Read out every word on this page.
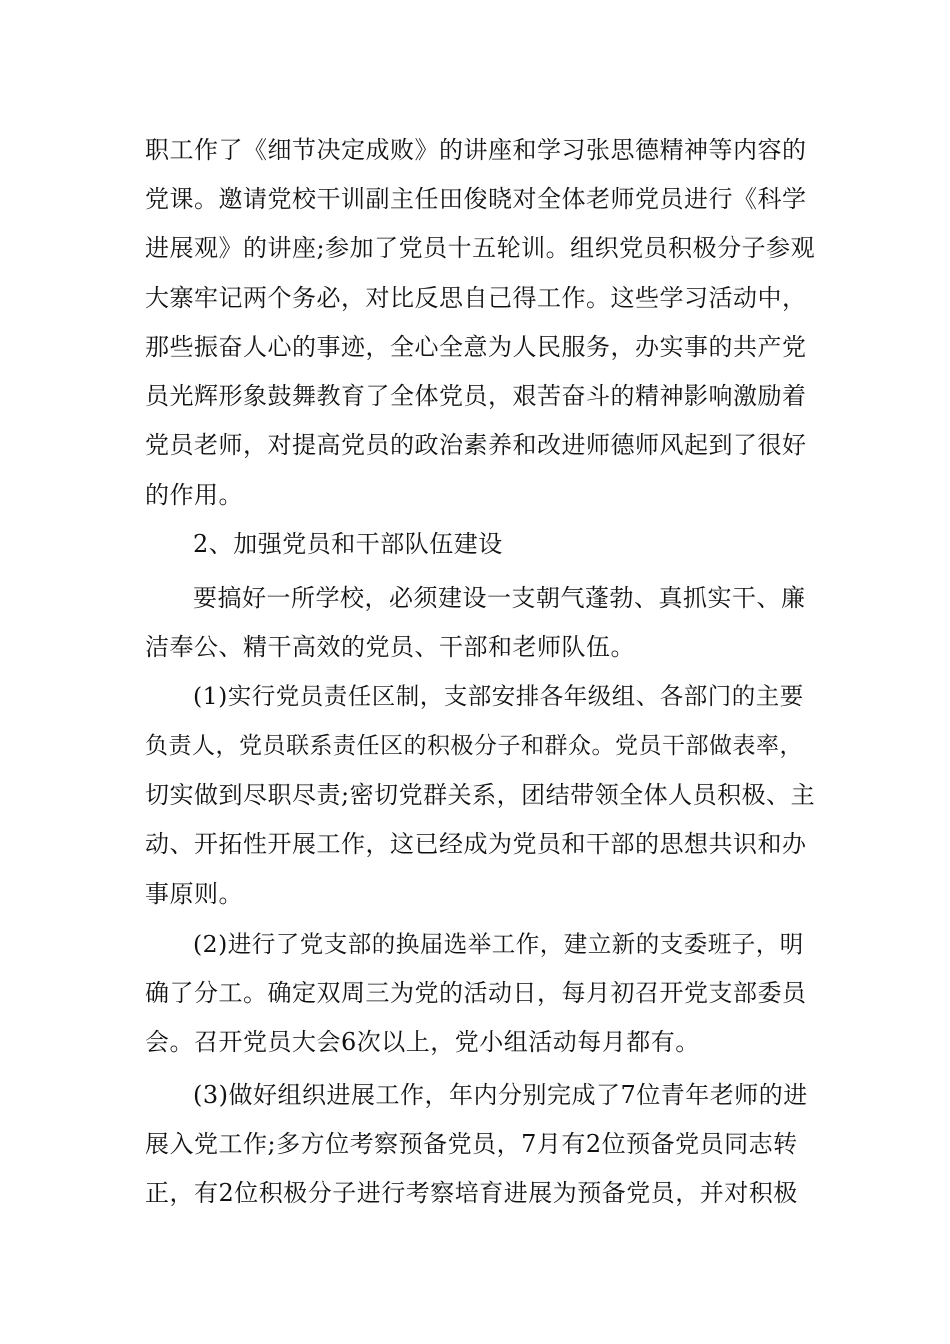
职工作了《细节决定成败》的讲座和学习张思德精神等内容的
党课。邀请党校干训副主任田俊晓对全体老师党员进行《科学
进展观》的讲座;参加了党员十五轮训。组织党员积极分子参观
大寨牢记两个务必，对比反思自己得工作。这些学习活动中，
那些振奋人心的事迹，全心全意为人民服务，办实事的共产党
员光辉形象鼓舞教育了全体党员，艰苦奋斗的精神影响激励着
党员老师，对提高党员的政治素养和改进师德师风起到了很好
的作用。
2、加强党员和干部队伍建设
要搞好一所学校，必须建设一支朝气蓬勃、真抓实干、廉
洁奉公、精干高效的党员、干部和老师队伍。
(1)实行党员责任区制，支部安排各年级组、各部门的主要
负责人，党员联系责任区的积极分子和群众。党员干部做表率，
切实做到尽职尽责;密切党群关系，团结带领全体人员积极、主
动、开拓性开展工作，这已经成为党员和干部的思想共识和办
事原则。
(2)进行了党支部的换届选举工作，建立新的支委班子，明
确了分工。确定双周三为党的活动日，每月初召开党支部委员
会。召开党员大会6次以上，党小组活动每月都有。
(3)做好组织进展工作，年内分别完成了7位青年老师的进
展入党工作;多方位考察预备党员，7月有2位预备党员同志转
正，有2位积极分子进行考察培育进展为预备党员，并对积极
